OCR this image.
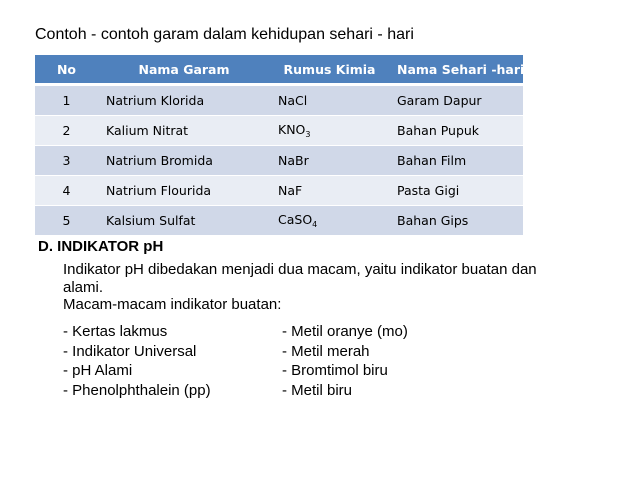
Contoh - contoh garam dalam kehidupan sehari - hari
No	Nama Garam	Rumus Kimia	Nama Sehari -hari
1	Natrium Klorida	NaCl	Garam Dapur
2	Kalium Nitrat	$KNO_3$	Bahan Pupuk
3	Natrium Bromida	NaBr	Bahan Film
4	Natrium Flourida	NaF	Pasta Gigi
5	Kalsium Sulfat	CaSO$_4$	Bahan Gips
D. INDIKATOR pH
Indikator pH dibedakan menjadi dua macam, yaitu indikator buatan dan
alami.
Macam-macam indikator buatan:
- Kertas lakmus
- Indikator Universal
- pH Alami
- Phenolphthalein (pp)
- Metil oranye (mo)
- Metil merah
- Bromtimol biru
- Metil biru
